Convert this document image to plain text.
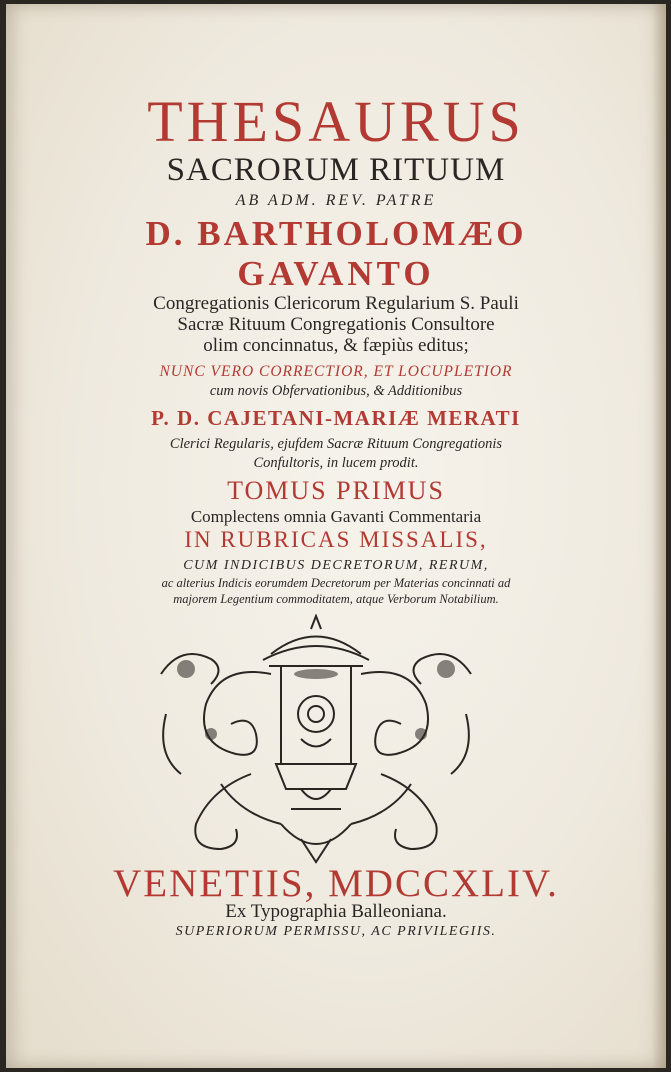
THESAURUS
SACRORUM RITUUM
AB ADM. REV. PATRE
D. BARTHOLOMÆO
GAVANTO
Congregationis Clericorum Regularium S. Pauli
Sacræ Rituum Congregationis Consultore
olim concinnatus, & fæpiùs editus;
NUNC VERO CORRECTIOR, ET LOCUPLETIOR
cum novis Obfervationibus, & Additionibus
P. D. CAJETANI-MARIÆ MERATI
Clerici Regularis, ejufdem Sacræ Rituum Congregationis
Confultoris, in lucem prodit.
TOMUS PRIMUS
Complectens omnia Gavanti Commentaria
IN RUBRICAS MISSALIS,
CUM INDICIBUS DECRETORUM, RERUM,
ac alterius Indicis eorumdem Decretorum per Materias concinnati ad
majorem Legentium commoditatem, atque Verborum Notabilium.
VENETIIS, MDCCXLIV.
Ex Typographia Balleoniana.
SUPERIORUM PERMISSU, AC PRIVILEGIIS.
